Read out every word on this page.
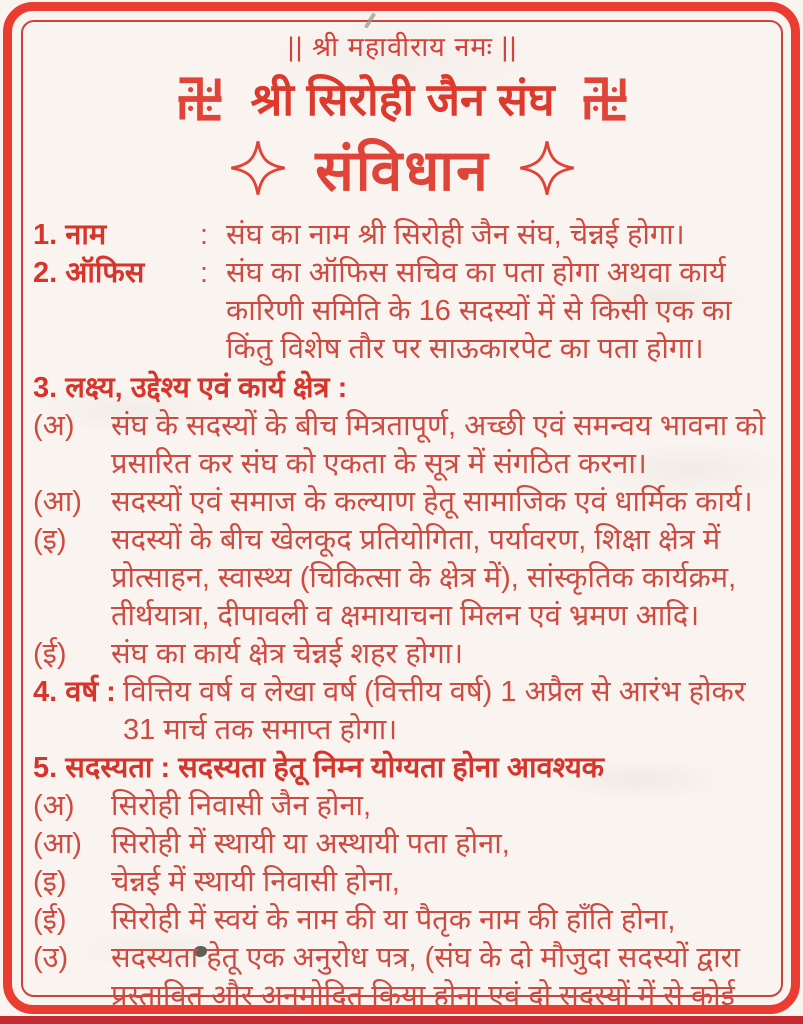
|| श्री महावीराय नमः ||
श्री सिरोही जैन संघ
संविधान
1. नाम	: संघ का नाम श्री सिरोही जैन संघ, चेन्नई होगा।
2. ऑफिस	: संघ का ऑफिस सचिव का पता होगा अथवा कार्य कारिणी समिति के 16 सदस्यों में से किसी एक का किंतु विशेष तौर पर साऊकारपेट का पता होगा।
3. लक्ष्य, उद्देश्य एवं कार्य क्षेत्र :
(अ)	संघ के सदस्यों के बीच मित्रतापूर्ण, अच्छी एवं समन्वय भावना को प्रसारित कर संघ को एकता के सूत्र में संगठित करना।
(आ)	सदस्यों एवं समाज के कल्याण हेतू सामाजिक एवं धार्मिक कार्य।
(इ)	सदस्यों के बीच खेलकूद प्रतियोगिता, पर्यावरण, शिक्षा क्षेत्र में प्रोत्साहन, स्वास्थ्य (चिकित्सा के क्षेत्र में), सांस्कृतिक कार्यक्रम, तीर्थयात्रा, दीपावली व क्षमायाचना मिलन एवं भ्रमण आदि।
(ई)	संघ का कार्य क्षेत्र चेन्नई शहर होगा।
4. वर्ष : वित्तिय वर्ष व लेखा वर्ष (वित्तीय वर्ष) 1 अप्रैल से आरंभ होकर 31 मार्च तक समाप्त होगा।
5. सदस्यता : सदस्यता हेतू निम्न योग्यता होना आवश्यक
(अ)	सिरोही निवासी जैन होना,
(आ)	सिरोही में स्थायी या अस्थायी पता होना,
(इ)	चेन्नई में स्थायी निवासी होना,
(ई)	सिरोही में स्वयं के नाम की या पैतृक नाम की हाँति होना,
(उ)	सदस्यता हेतू एक अनुरोध पत्र, (संघ के दो मौजुदा सदस्यों द्वारा प्रस्तावित और अनुमोदित किया होना एवं दो सदस्यों में से कोई
